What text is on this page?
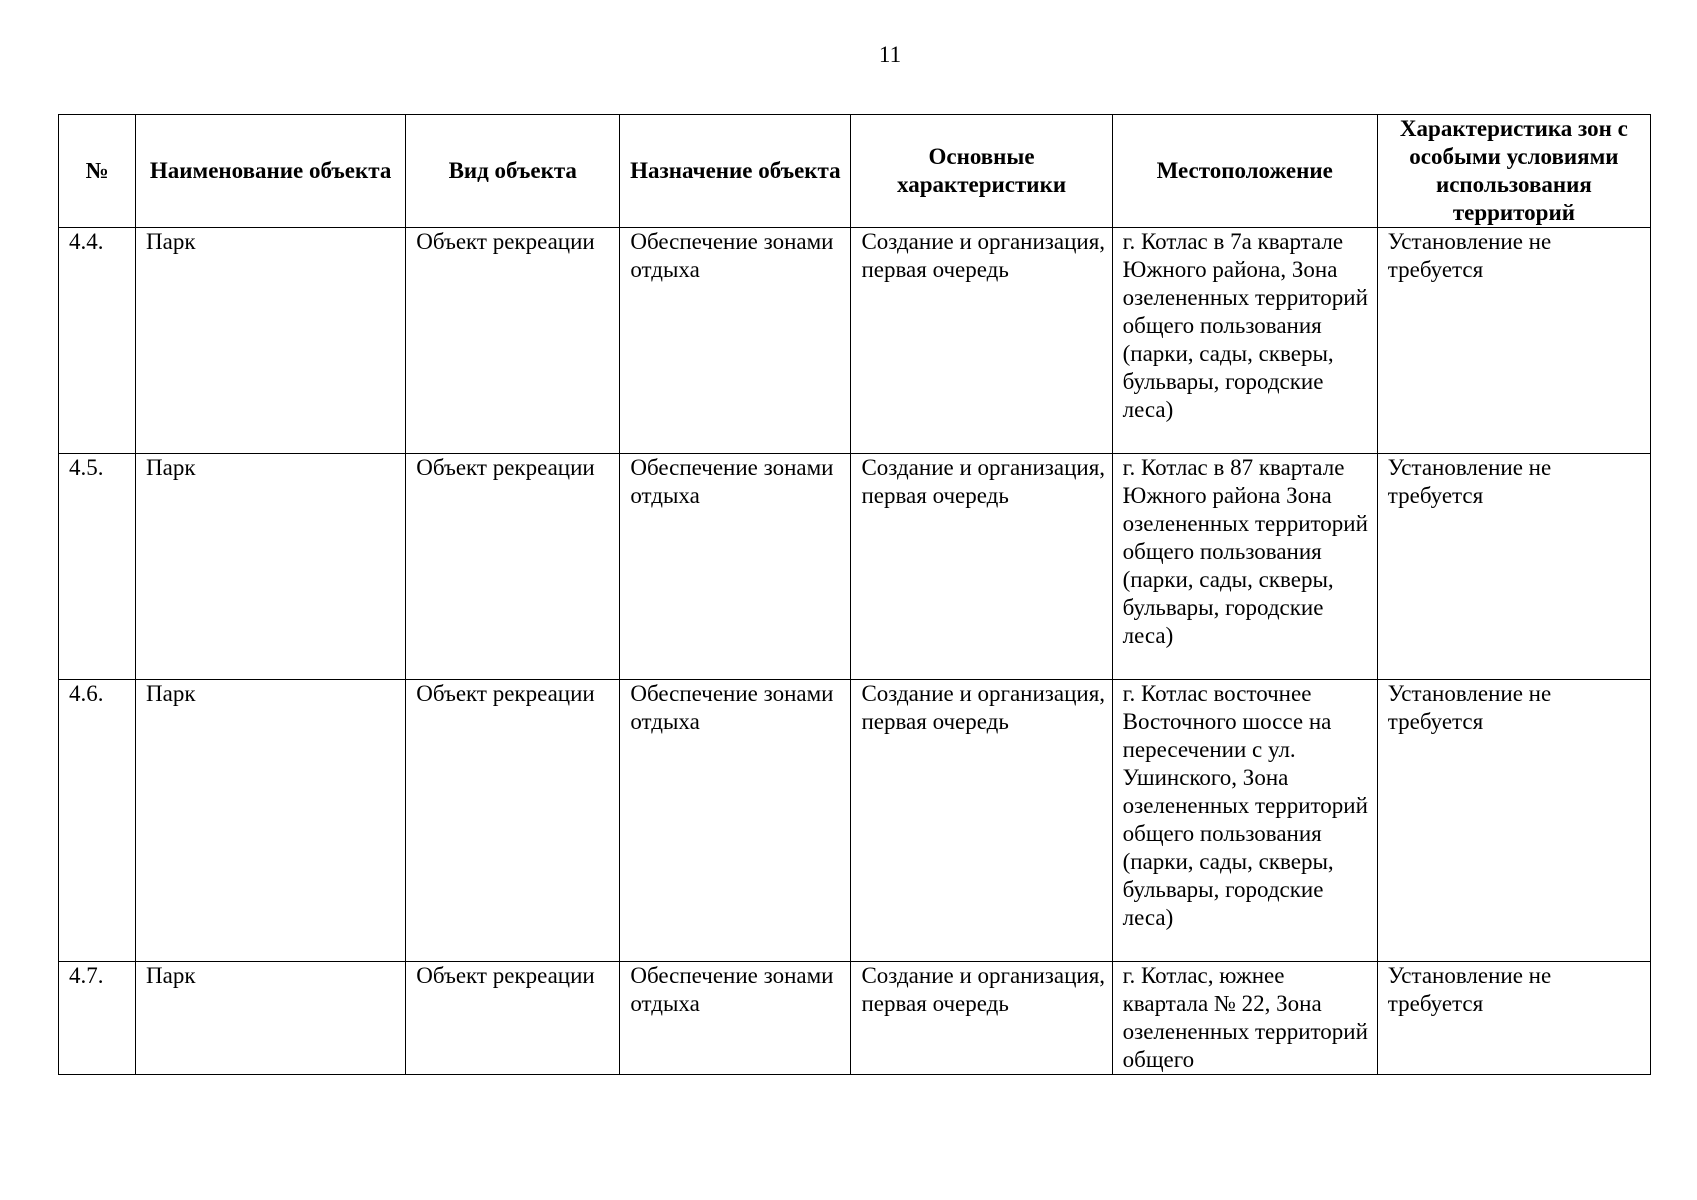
11
№	Наименование объекта	Вид объекта	Назначение объекта	Основные характеристики	Местоположение	Характеристика зон с особыми условиями использования территорий
4.4.	Парк	Объект рекреации	Обеспечение зонами отдыха	Создание и организация, первая очередь	г. Котлас в 7а квартале Южного района, Зона озелененных территорий общего пользования (парки, сады, скверы, бульвары, городские леса)	Установление не требуется
4.5.	Парк	Объект рекреации	Обеспечение зонами отдыха	Создание и организация, первая очередь	г. Котлас в 87 квартале Южного района Зона озелененных территорий общего пользования (парки, сады, скверы, бульвары, городские леса)	Установление не требуется
4.6.	Парк	Объект рекреации	Обеспечение зонами отдыха	Создание и организация, первая очередь	г. Котлас восточнее Восточного шоссе на пересечении с ул. Ушинского, Зона озелененных территорий общего пользования (парки, сады, скверы, бульвары, городские леса)	Установление не требуется
4.7.	Парк	Объект рекреации	Обеспечение зонами отдыха	Создание и организация, первая очередь	г. Котлас, южнее квартала № 22, Зона озелененных территорий общего	Установление не требуется
